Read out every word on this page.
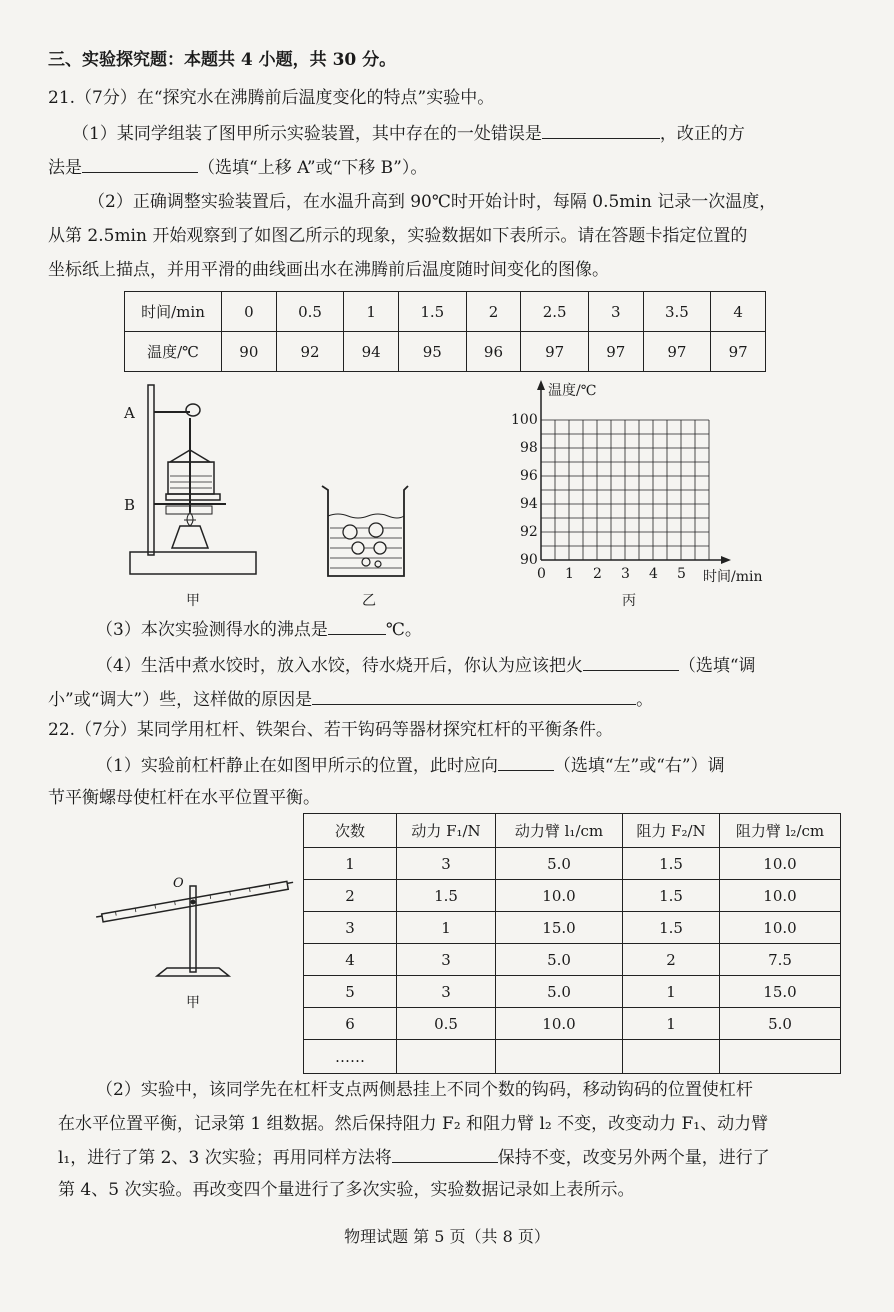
三、实验探究题：本题共 4 小题，共 30 分。
21.（7分）在“探究水在沸腾前后温度变化的特点”实验中。
（1）某同学组装了图甲所示实验装置，其中存在的一处错误是	，改正的方
法是	（选填“上移 A”或“下移 B”）。
（2）正确调整实验装置后，在水温升高到 90℃时开始计时，每隔 0.5min 记录一次温度，
从第 2.5min 开始观察到了如图乙所示的现象，实验数据如下表所示。请在答题卡指定位置的
坐标纸上描点，并用平滑的曲线画出水在沸腾前后温度随时间变化的图像。
时间/min	0	0.5	1	1.5	2	2.5	3	3.5	4
温度/℃	90	92	94	95	96	97	97	97	97
A
B
甲	乙
温度/℃
时间/min
100
98
96
94
92
90
0 1 2 3 4 5
丙
（3）本次实验测得水的沸点是	℃。
（4）生活中煮水饺时，放入水饺，待水烧开后，你认为应该把火	（选填“调
小”或“调大”）些，这样做的原因是	。
22.（7分）某同学用杠杆、铁架台、若干钩码等器材探究杠杆的平衡条件。
（1）实验前杠杆静止在如图甲所示的位置，此时应向	（选填“左”或“右”）调
节平衡螺母使杠杆在水平位置平衡。
O
甲
次数	动力 F₁/N	动力臂 l₁/cm	阻力 F₂/N	阻力臂 l₂/cm
1	3	5.0	1.5	10.0
2	1.5	10.0	1.5	10.0
3	1	15.0	1.5	10.0
4	3	5.0	2	7.5
5	3	5.0	1	15.0
6	0.5	10.0	1	5.0
……				
（2）实验中，该同学先在杠杆支点两侧悬挂上不同个数的钩码，移动钩码的位置使杠杆
在水平位置平衡，记录第 1 组数据。然后保持阻力 F₂ 和阻力臂 l₂ 不变，改变动力 F₁、动力臂
l₁，进行了第 2、3 次实验；再用同样方法将	保持不变，改变另外两个量，进行了
第 4、5 次实验。再改变四个量进行了多次实验，实验数据记录如上表所示。
物理试题 第 5 页（共 8 页）
